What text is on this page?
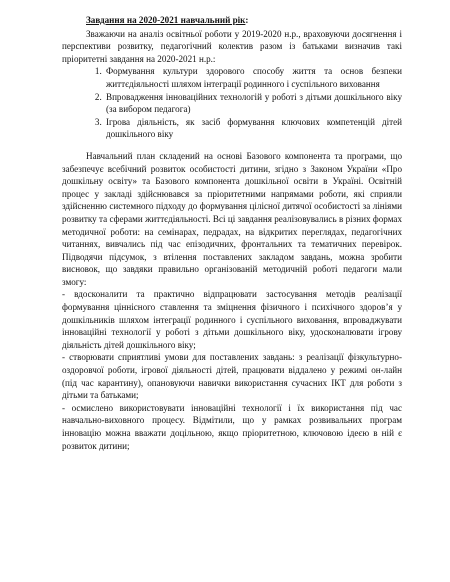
Завдання на 2020-2021 навчальний рік:

Зважаючи на аналіз освітньої роботи у 2019-2020 н.р., враховуючи досягнення і перспективи розвитку, педагогічний колектив разом із батьками визначив такі пріоритетні завдання на 2020-2021 н.р.:

1. Формування культури здорового способу життя та основ безпеки життєдіяльності шляхом інтеграції родинного і суспільного виховання
2. Впровадження інноваційних технологій у роботі з дітьми дошкільного віку (за вибором педагога)
3. Ігрова діяльність, як засіб формування ключових компетенцій дітей дошкільного віку

Навчальний план складений на основі Базового компонента та програми, що забезпечує всебічний розвиток особистості дитини, згідно з Законом України «Про дошкільну освіту» та Базового компонента дошкільної освіти в Україні. Освітній процес у закладі здійснювався за пріоритетними напрямами роботи, які сприяли здійсненню системного підходу до формування цілісної дитячої особистості за лініями розвитку та сферами життєдіяльності. Всі ці завдання реалізовувались в різних формах методичної роботи: на семінарах, педрадах, на відкритих переглядах, педагогічних читаннях, вивчались під час епізодичних, фронтальних та тематичних перевірок. Підводячи підсумок, з втілення поставлених закладом завдань, можна зробити висновок, що завдяки правильно організованій методичній роботі педагоги мали змогу:

- вдосконалити та практично відпрацювати застосування методів реалізації формування ціннісного ставлення та зміцнення фізичного і психічного здоров’я у дошкільників шляхом інтеграції родинного і суспільного виховання, впроваджувати інноваційні технології у роботі з дітьми дошкільного віку, удосконалювати ігрову діяльність дітей дошкільного віку;

- створювати сприятливі умови для поставлених завдань: з реалізації фізкультурно-оздоровчої роботи, ігрової діяльності дітей, працювати віддалено у режимі он-лайн (під час карантину), опановуючи навички використання сучасних ІКТ для роботи з дітьми та батьками;

- осмислено використовувати інноваційні технології і їх використання під час навчально-виховного процесу. Відмітили, що у рамках розвивальних програм інновацію можна вважати доцільною, якщо пріоритетною, ключовою ідеєю в ній є розвиток дитини;
